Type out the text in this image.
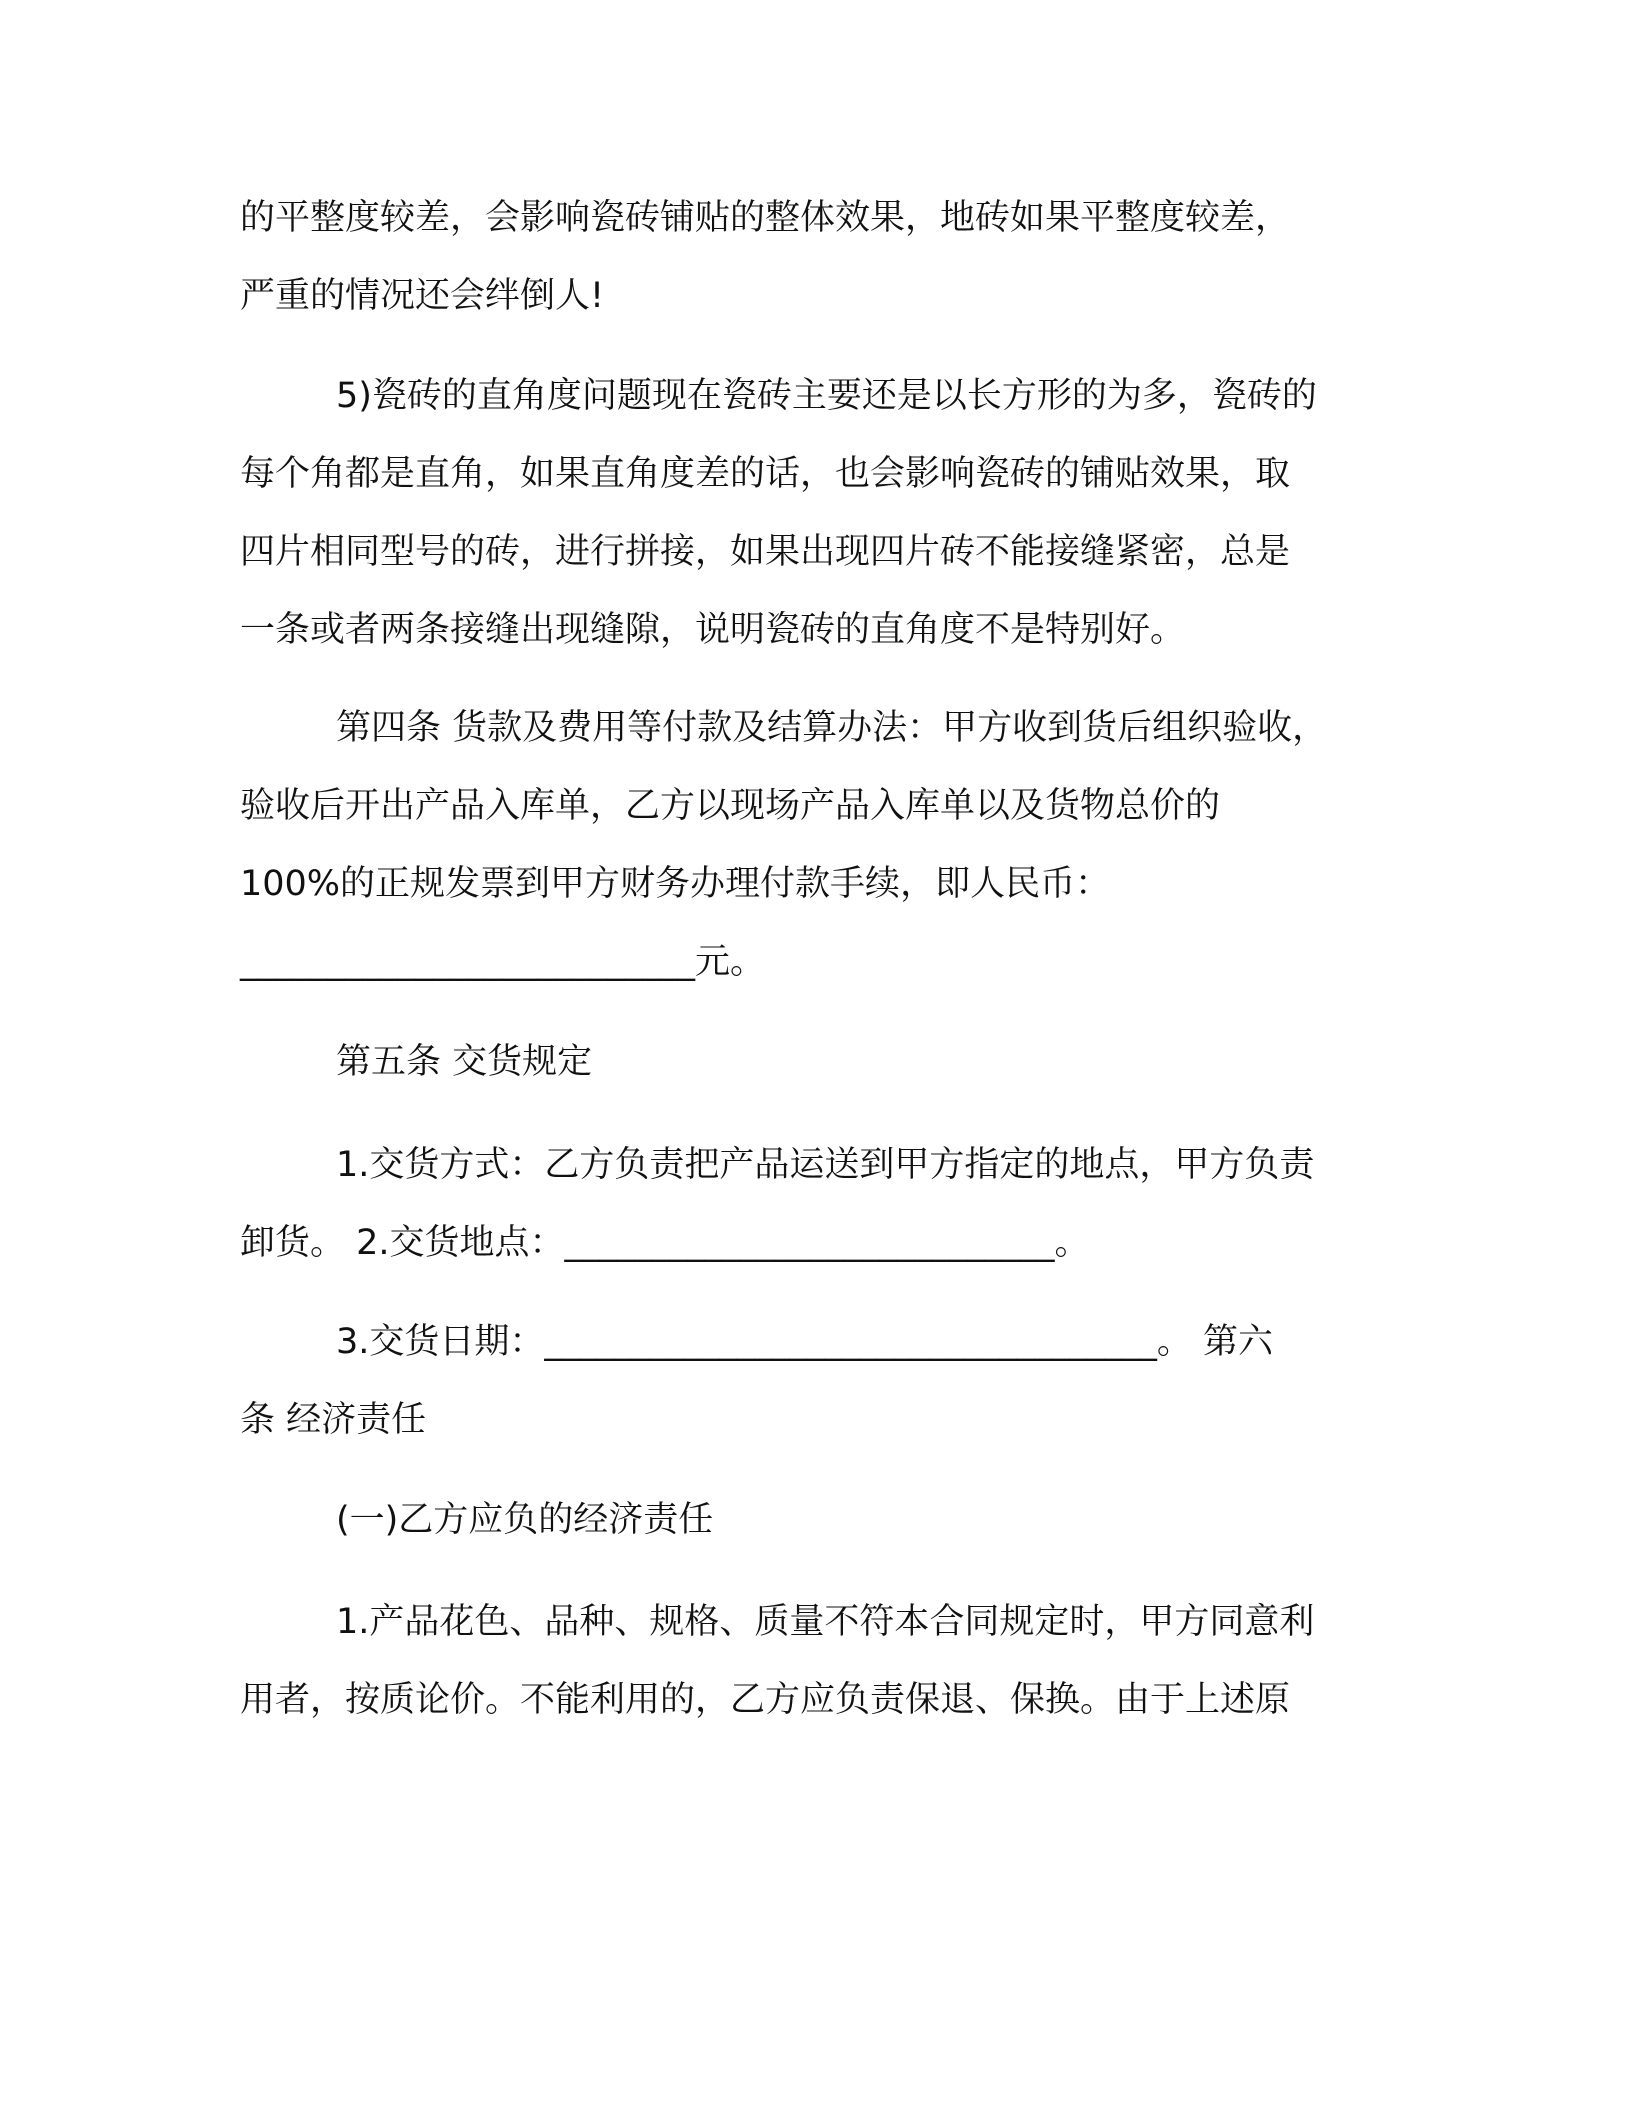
的平整度较差，会影响瓷砖铺贴的整体效果，地砖如果平整度较差，
严重的情况还会绊倒人!
5)瓷砖的直角度问题现在瓷砖主要还是以长方形的为多，瓷砖的
每个角都是直角，如果直角度差的话，也会影响瓷砖的铺贴效果，取
四片相同型号的砖，进行拼接，如果出现四片砖不能接缝紧密，总是
一条或者两条接缝出现缝隙，说明瓷砖的直角度不是特别好。
第四条 货款及费用等付款及结算办法：甲方收到货后组织验收，
验收后开出产品入库单，乙方以现场产品入库单以及货物总价的
100%的正规发票到甲方财务办理付款手续，即人民币：
__________________________元。
第五条 交货规定
1.交货方式：乙方负责把产品运送到甲方指定的地点，甲方负责
卸货。 2.交货地点：____________________________。
3.交货日期：___________________________________。 第六
条 经济责任
(一)乙方应负的经济责任
1.产品花色、品种、规格、质量不符本合同规定时，甲方同意利
用者，按质论价。不能利用的，乙方应负责保退、保换。由于上述原
